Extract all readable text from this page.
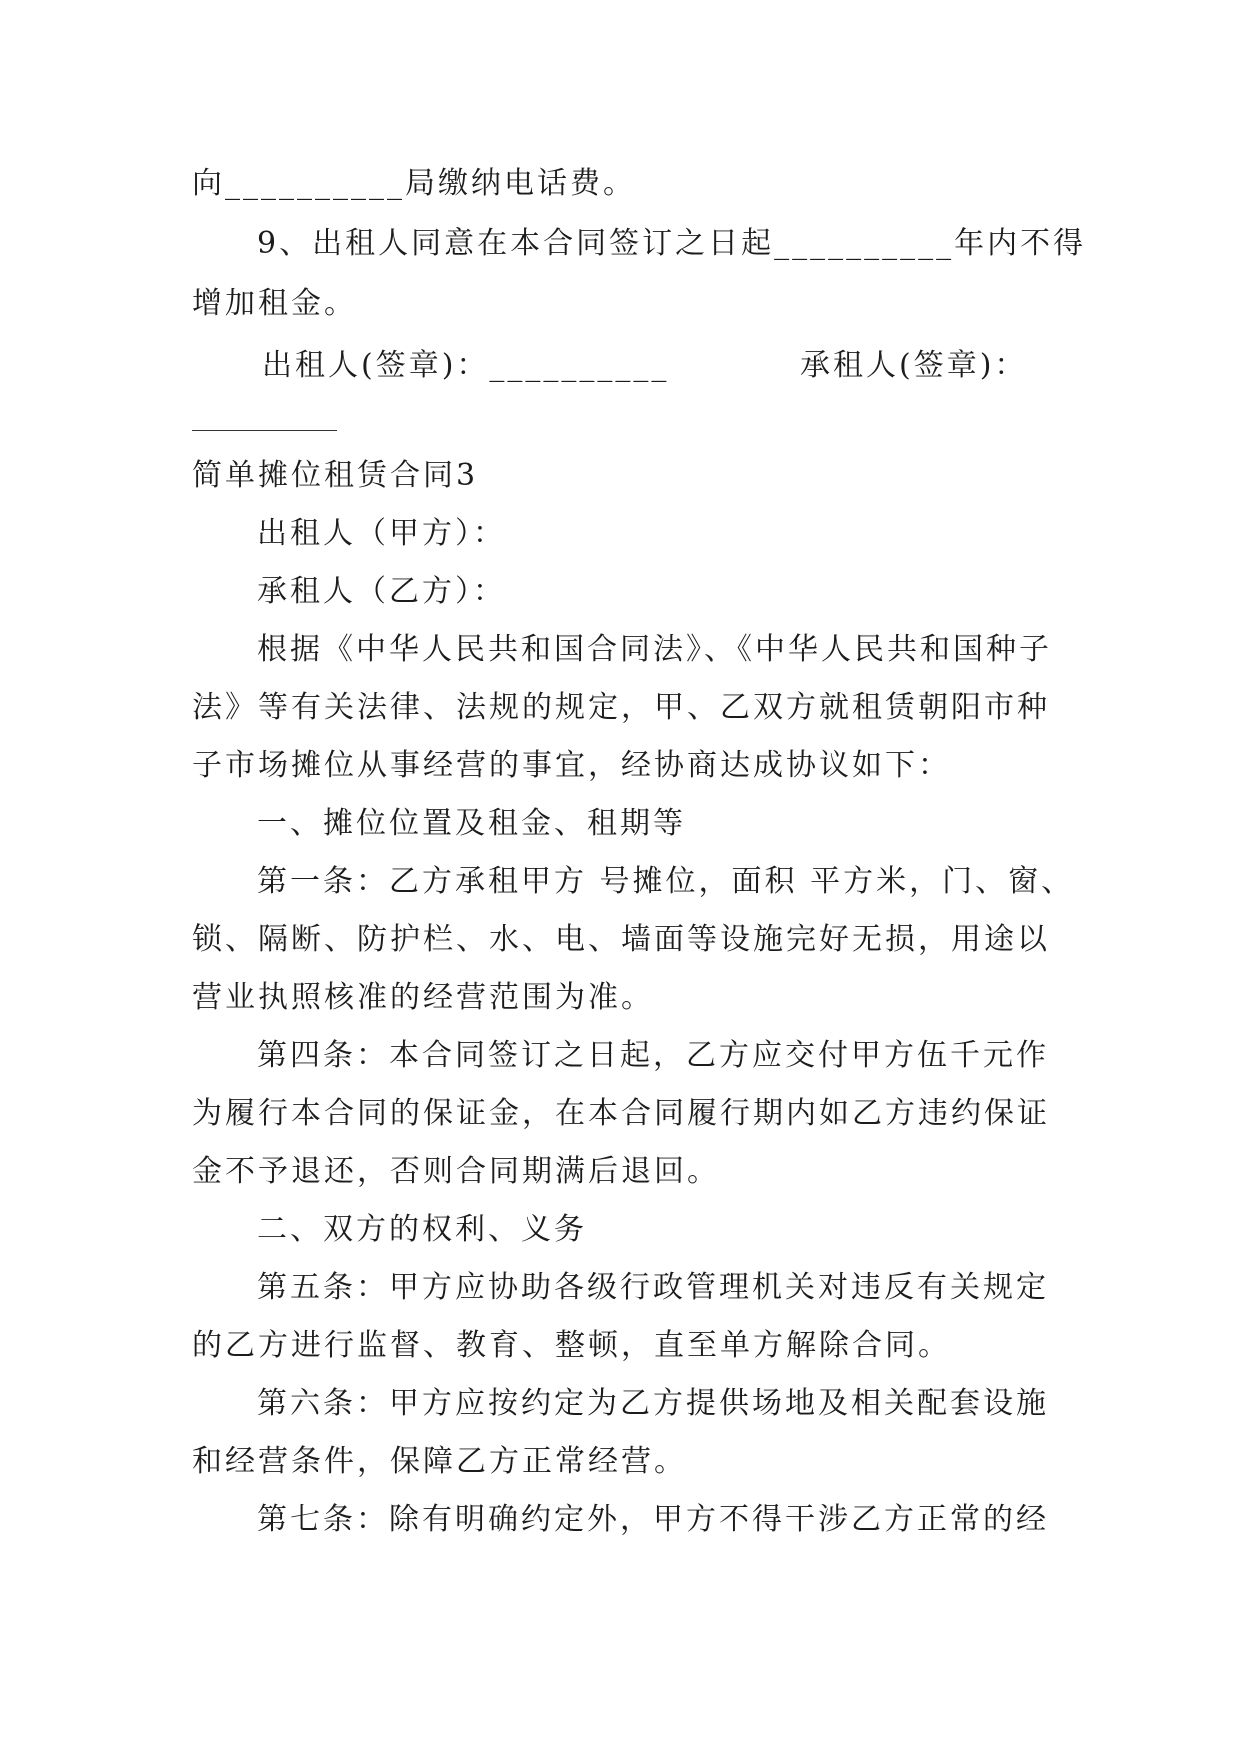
向__________局缴纳电话费。
9、出租人同意在本合同签订之日起__________年内不得
增加租金。
出租人(签章)：__________	承租人(签章)：
简单摊位租赁合同3
出租人（甲方）：
承租人（乙方）：
根据《中华人民共和国合同法》、《中华人民共和国种子
法》等有关法律、法规的规定，甲、乙双方就租赁朝阳市种
子市场摊位从事经营的事宜，经协商达成协议如下：
一、摊位位置及租金、租期等
第一条：乙方承租甲方 号摊位，面积 平方米，门、窗、
锁、隔断、防护栏、水、电、墙面等设施完好无损，用途以
营业执照核准的经营范围为准。
第四条：本合同签订之日起，乙方应交付甲方伍千元作
为履行本合同的保证金，在本合同履行期内如乙方违约保证
金不予退还，否则合同期满后退回。
二、双方的权利、义务
第五条：甲方应协助各级行政管理机关对违反有关规定
的乙方进行监督、教育、整顿，直至单方解除合同。
第六条：甲方应按约定为乙方提供场地及相关配套设施
和经营条件，保障乙方正常经营。
第七条：除有明确约定外，甲方不得干涉乙方正常的经
